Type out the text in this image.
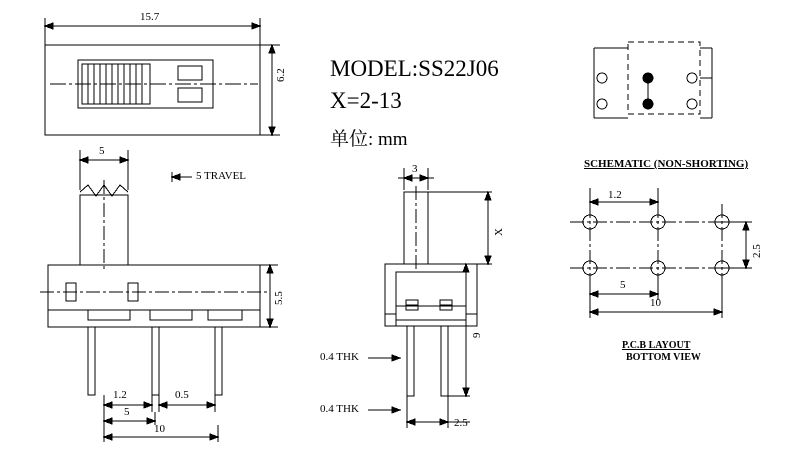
15.7
6.2
5
5 TRAVEL
5.5
1.2	0.5
5
10
3
X
9
0.4 THK
0.4 THK
2.5
MODEL:SS22J06
X=2-13
单位: mm
SCHEMATIC (NON-SHORTING)
1.2
2.5
5
10
P.C.B LAYOUT
BOTTOM VIEW
